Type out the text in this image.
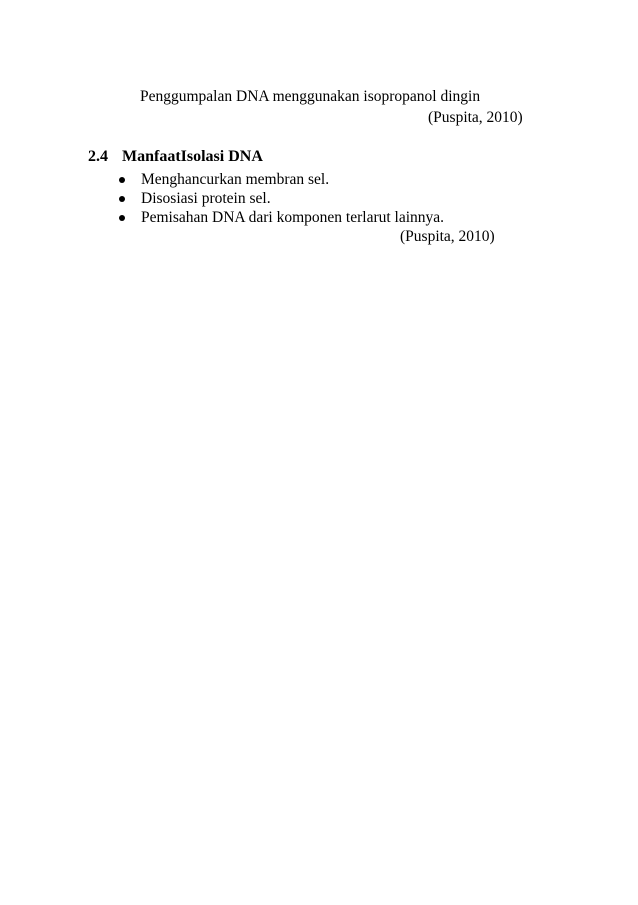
Penggumpalan DNA menggunakan isopropanol dingin
(Puspita, 2010)
2.4 ManfaatIsolasi DNA
Menghancurkan membran sel.
Disosiasi protein sel.
Pemisahan DNA dari komponen terlarut lainnya.
(Puspita, 2010)
